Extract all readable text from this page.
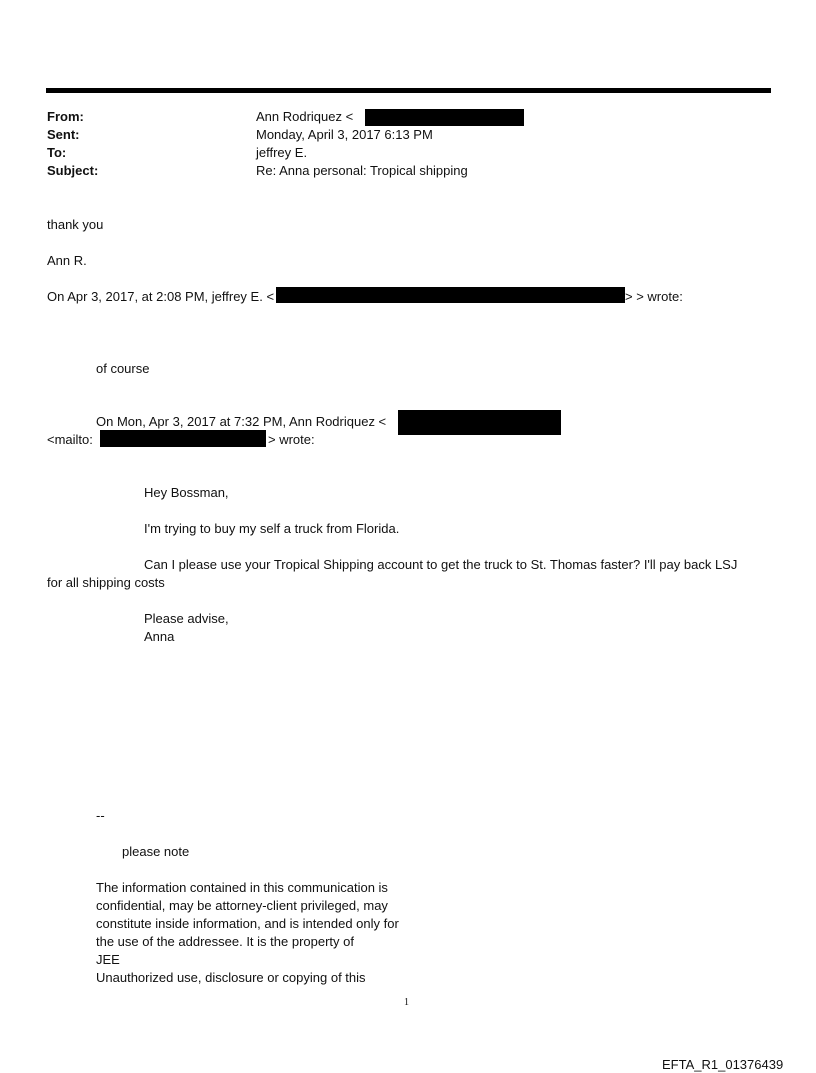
From:	Ann Rodriquez <
Sent:	Monday, April 3, 2017 6:13 PM
To:	jeffrey E.
Subject:	Re: Anna personal: Tropical shipping
thank you
Ann R.
On Apr 3, 2017, at 2:08 PM, jeffrey E. <	> > wrote:
of course
On Mon, Apr 3, 2017 at 7:32 PM, Ann Rodriquez <
<mailto:	> wrote:
Hey Bossman,
I'm trying to buy my self a truck from Florida.
Can I please use your Tropical Shipping account to get the truck to St. Thomas faster? I'll pay back LSJ
for all shipping costs
Please advise,
Anna
--
please note
The information contained in this communication is
confidential, may be attorney-client privileged, may
constitute inside information, and is intended only for
the use of the addressee. It is the property of
JEE
Unauthorized use, disclosure or copying of this
1
EFTA_R1_01376439
